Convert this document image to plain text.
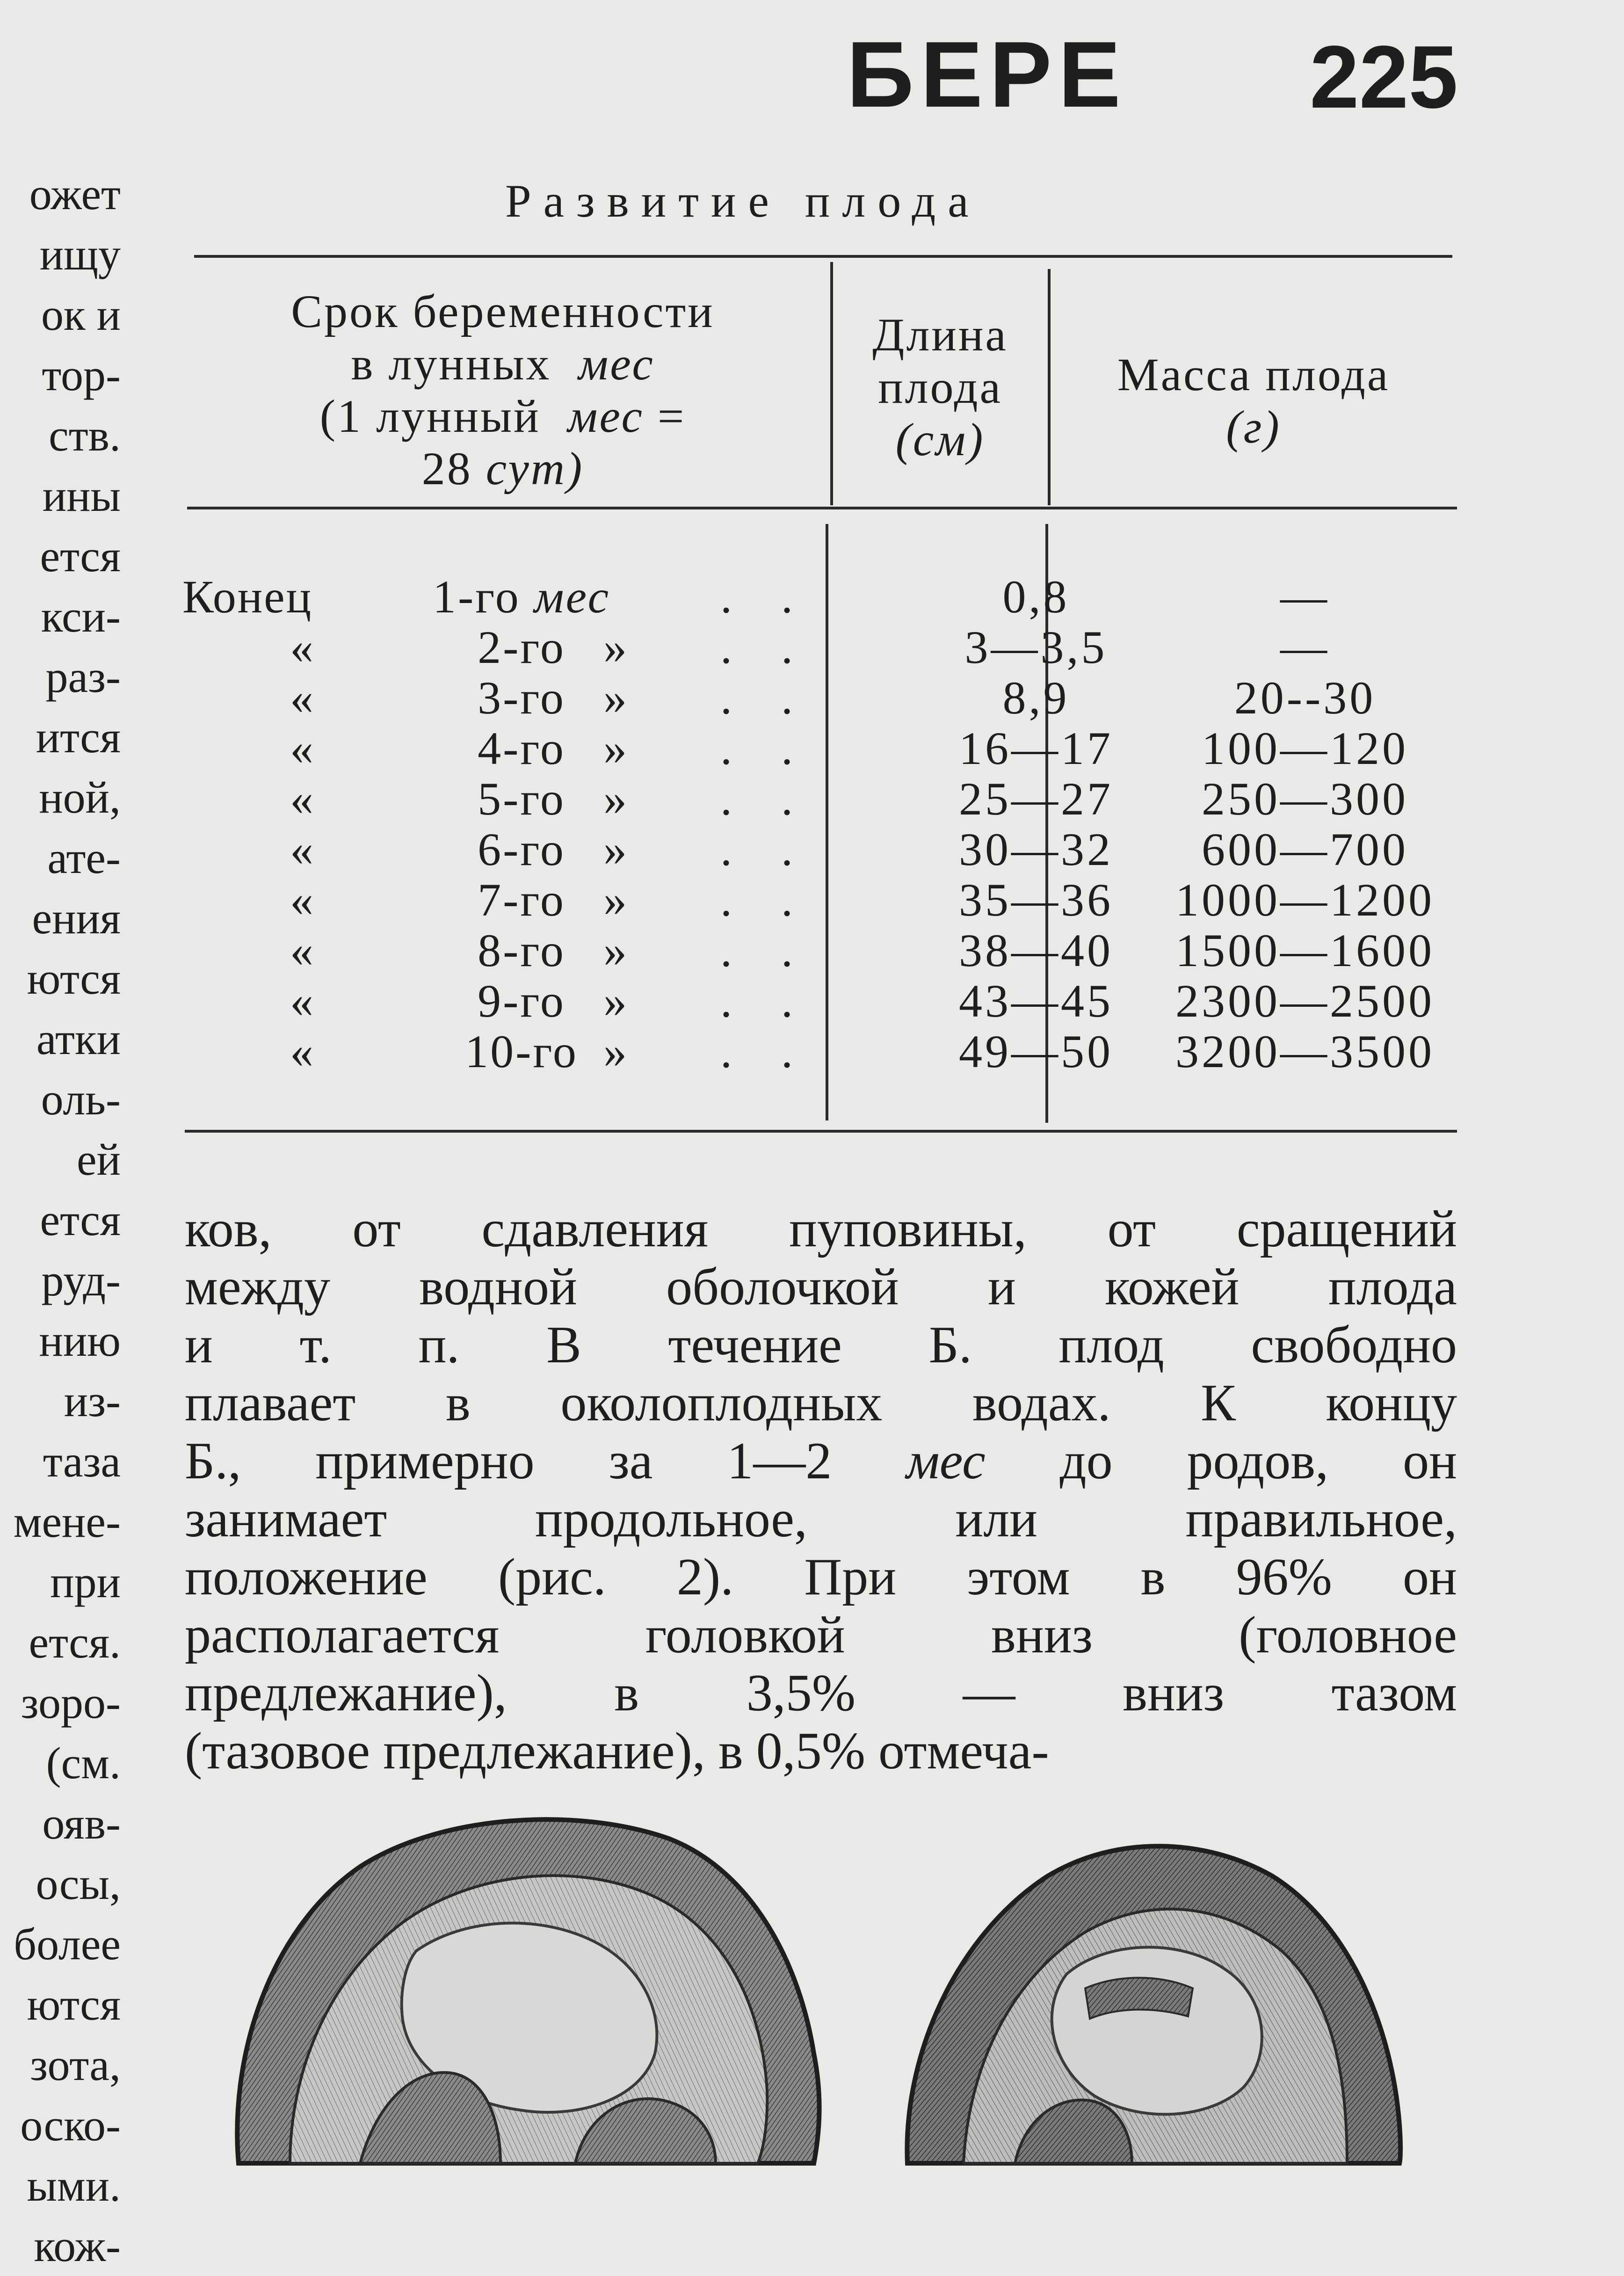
БЕРЕ 225
ожет
ищу
ок и
тор-
ств.
ины
ется
кси-
раз-
ится
ной,
ате-
ения
ются
атки
оль-
ей
ется
руд-
нию
из-
таза
мене-
при
ется.
зоро-
(см.
ояв-
осы,
более
ются
зота,
оско-
ыми.
кож-
Развитие плода
Срок беременности
в лунных мес
(1 лунный мес =
28 сут)
Длина
плода
(см)
Масса плода
(г)
Конец	1-го мес	. .	0,8	—
«	2-го » . .	3—3,5	—
«	3-го » . .	8,9	20--30
«	4-го » . .	16—17	100—120
«	5-го » . .	25—27	250—300
«	6-го » . .	30—32	600—700
«	7-го » . .	35—36	1000—1200
«	8-го » . .	38—40	1500—1600
«	9-го » . .	43—45	2300—2500
«	10-го » . .	49—50	3200—3500
ков, от сдавления пуповины, от сращений
между водной оболочкой и кожей плода
и т. п. В течение Б. плод свободно
плавает в околоплодных водах. К концу
Б., примерно за 1—2 мес до родов, он
занимает продольное, или правильное,
положение (рис. 2). При этом в 96% он
располагается головкой вниз (головное
предлежание), в 3,5% — вниз тазом
(тазовое предлежание), в 0,5% отмеча-
